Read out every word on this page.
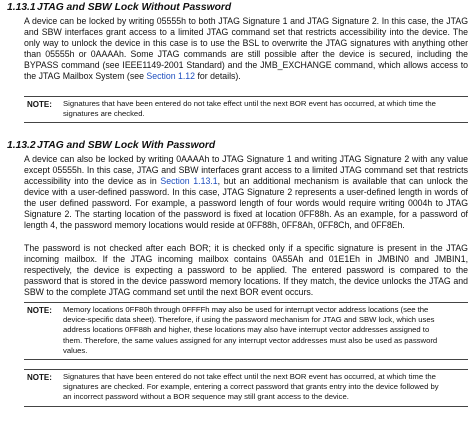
1.13.1JTAG and SBW Lock Without Password
A device can be locked by writing 05555h to both JTAG Signature 1 and JTAG Signature 2. In this case, the JTAG and SBW interfaces grant access to a limited JTAG command set that restricts accessibility into the device. The only way to unlock the device in this case is to use the BSL to overwrite the JTAG signatures with anything other than 05555h or 0AAAAh. Some JTAG commands are still possible after the device is secured, including the BYPASS command (see IEEE1149-2001 Standard) and the JMB_EXCHANGE command, which allows access to the JTAG Mailbox System (see Section 1.12 for details).
NOTE: Signatures that have been entered do not take effect until the next BOR event has occurred, at which time the signatures are checked.
1.13.2JTAG and SBW Lock With Password
A device can also be locked by writing 0AAAAh to JTAG Signature 1 and writing JTAG Signature 2 with any value except 05555h. In this case, JTAG and SBW interfaces grant access to a limited JTAG command set that restricts accessibility into the device as in Section 1.13.1, but an additional mechanism is available that can unlock the device with a user-defined password. In this case, JTAG Signature 2 represents a user-defined length in words of the user defined password. For example, a password length of four words would require writing 0004h to JTAG Signature 2. The starting location of the password is fixed at location 0FF88h. As an example, for a password of length 4, the password memory locations would reside at 0FF88h, 0FF8Ah, 0FF8Ch, and 0FF8Eh.
The password is not checked after each BOR; it is checked only if a specific signature is present in the JTAG incoming mailbox. If the JTAG incoming mailbox contains 0A55Ah and 01E1Eh in JMBIN0 and JMBIN1, respectively, the device is expecting a password to be applied. The entered password is compared to the password that is stored in the device password memory locations. If they match, the device unlocks the JTAG and SBW to the complete JTAG command set until the next BOR event occurs.
NOTE: Memory locations 0FF80h through 0FFFFh may also be used for interrupt vector address locations (see the device-specific data sheet). Therefore, if using the password mechanism for JTAG and SBW lock, which uses address locations 0FF88h and higher, these locations may also have interrupt vector addresses assigned to them. Therefore, the same values assigned for any interrupt vector addresses must also be used as password values.
NOTE: Signatures that have been entered do not take effect until the next BOR event has occurred, at which time the signatures are checked. For example, entering a correct password that grants entry into the device followed by an incorrect password without a BOR sequence may still grant access to the device.
